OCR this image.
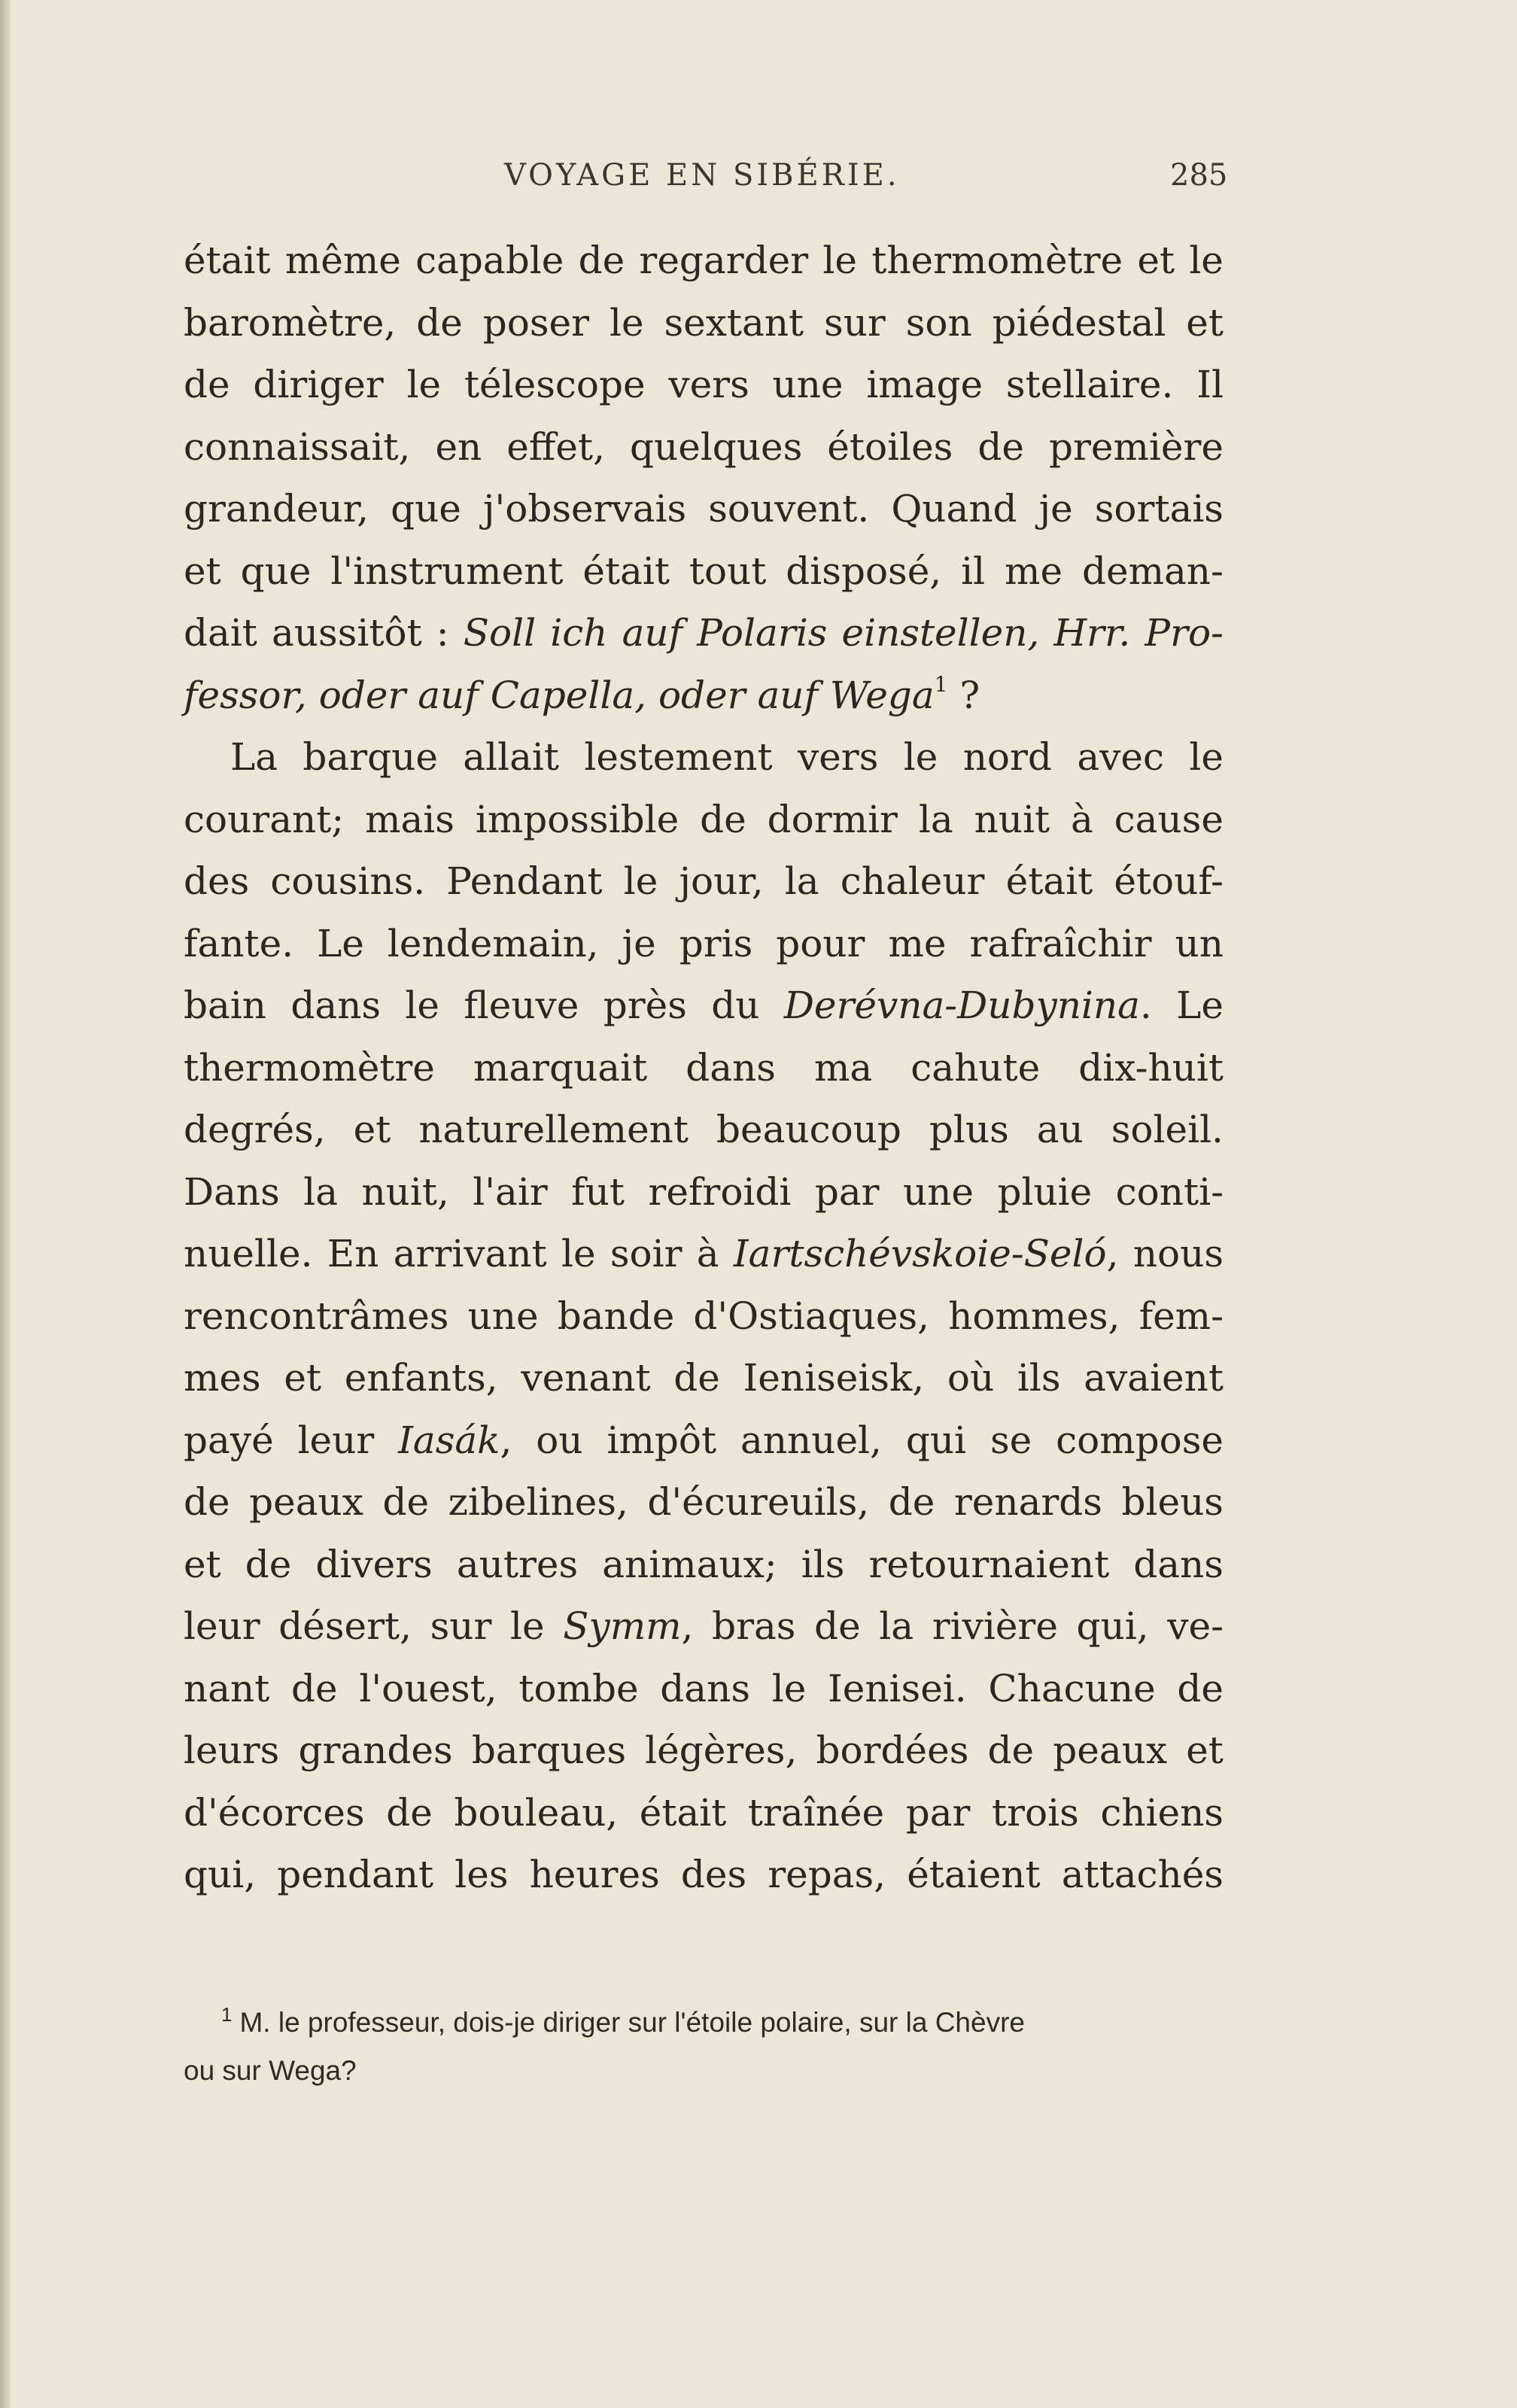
VOYAGE EN SIBÉRIE.	285
était même capable de regarder le thermomètre et le
baromètre, de poser le sextant sur son piédestal et
de diriger le télescope vers une image stellaire. Il
connaissait, en effet, quelques étoiles de première
grandeur, que j'observais souvent. Quand je sortais
et que l'instrument était tout disposé, il me deman-
dait aussitôt : Soll ich auf Polaris einstellen, Hrr. Pro-
fessor,
oder
auf
Capella,
oder
auf
Wega$^1$
?

La barque allait lestement vers le nord avec le
courant; mais impossible de dormir la nuit à cause
des cousins. Pendant le jour, la chaleur était étouf-
fante. Le lendemain, je pris pour me rafraîchir un
bain dans le fleuve près du Derévna-Dubynina. Le
thermomètre marquait dans ma cahute dix-huit
degrés, et naturellement beaucoup plus au soleil.
Dans la nuit, l'air fut refroidi par une pluie conti-
nuelle. En arrivant le soir à Iartschévskoie-Seló, nous
rencontrâmes une bande d'Ostiaques, hommes, fem-
mes et enfants, venant de Ieniseisk, où ils avaient
payé leur Iasák, ou impôt annuel, qui se compose
de peaux de zibelines, d'écureuils, de renards bleus
et de divers autres animaux; ils retournaient dans
leur désert, sur le Symm, bras de la rivière qui, ve-
nant de l'ouest, tombe dans le Ienisei. Chacune de
leurs grandes barques légères, bordées de peaux et
d'écorces de bouleau, était traînée par trois chiens
qui, pendant les heures des repas, étaient attachés
$^1$ M. le professeur, dois-je diriger sur l'étoile polaire, sur la Chèvre
ou sur Wega?
